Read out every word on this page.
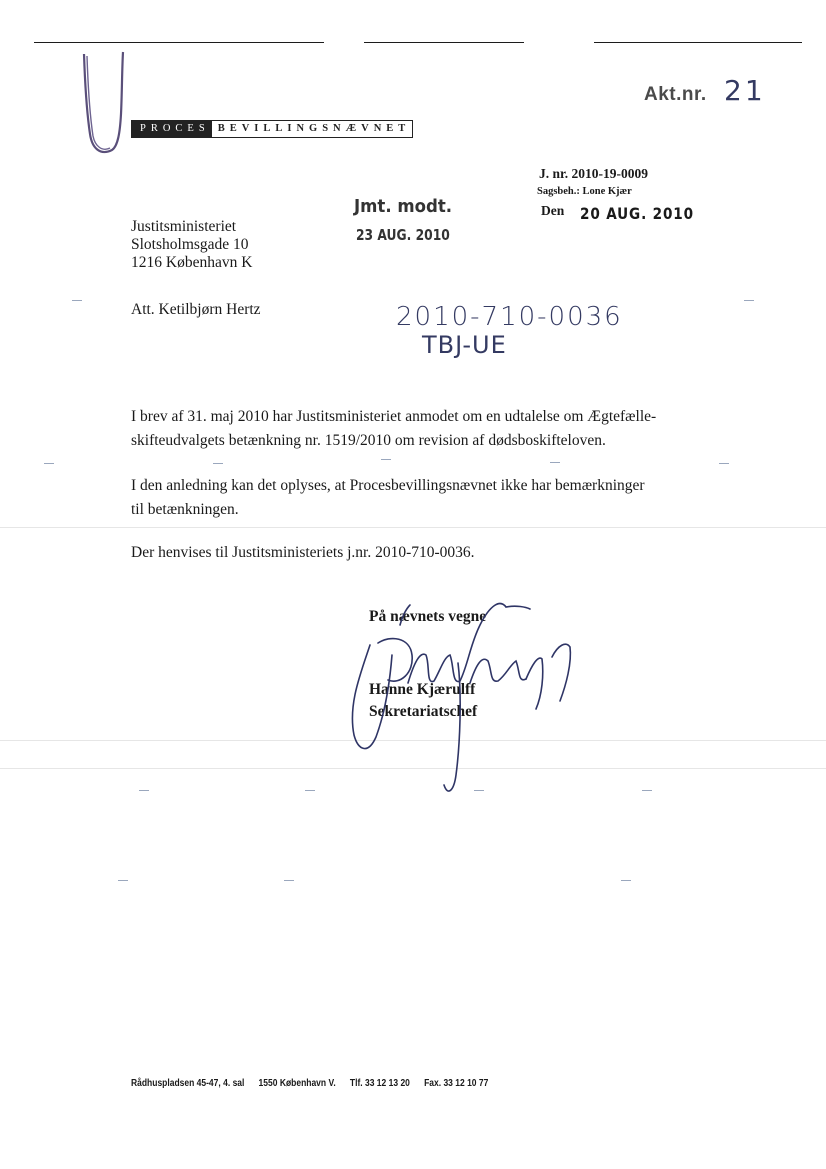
Akt.nr. 21
PROCES BEVILLINGSNÆVNET
J. nr. 2010-19-0009
Sagsbeh.: Lone Kjær
Den 20 AUG. 2010
Jmt. modt.
23 AUG. 2010
Justitsministeriet
Slotsholmsgade 10
1216 København K
Att. Ketilbjørn Hertz	2010-710-0036
TBJ-UE
I brev af 31. maj 2010 har Justitsministeriet anmodet om en udtalelse om Ægtefælle-
skifteudvalgets betænkning nr. 1519/2010 om revision af dødsboskifteloven.
I den anledning kan det oplyses, at Procesbevillingsnævnet ikke har bemærkninger
til betænkningen.
Der henvises til Justitsministeriets j.nr. 2010-710-0036.
På nævnets vegne
Hanne Kjærulff
Sekretariatschef
Rådhuspladsen 45-47, 4. sal 1550 København V. Tlf. 33 12 13 20 Fax. 33 12 10 77
